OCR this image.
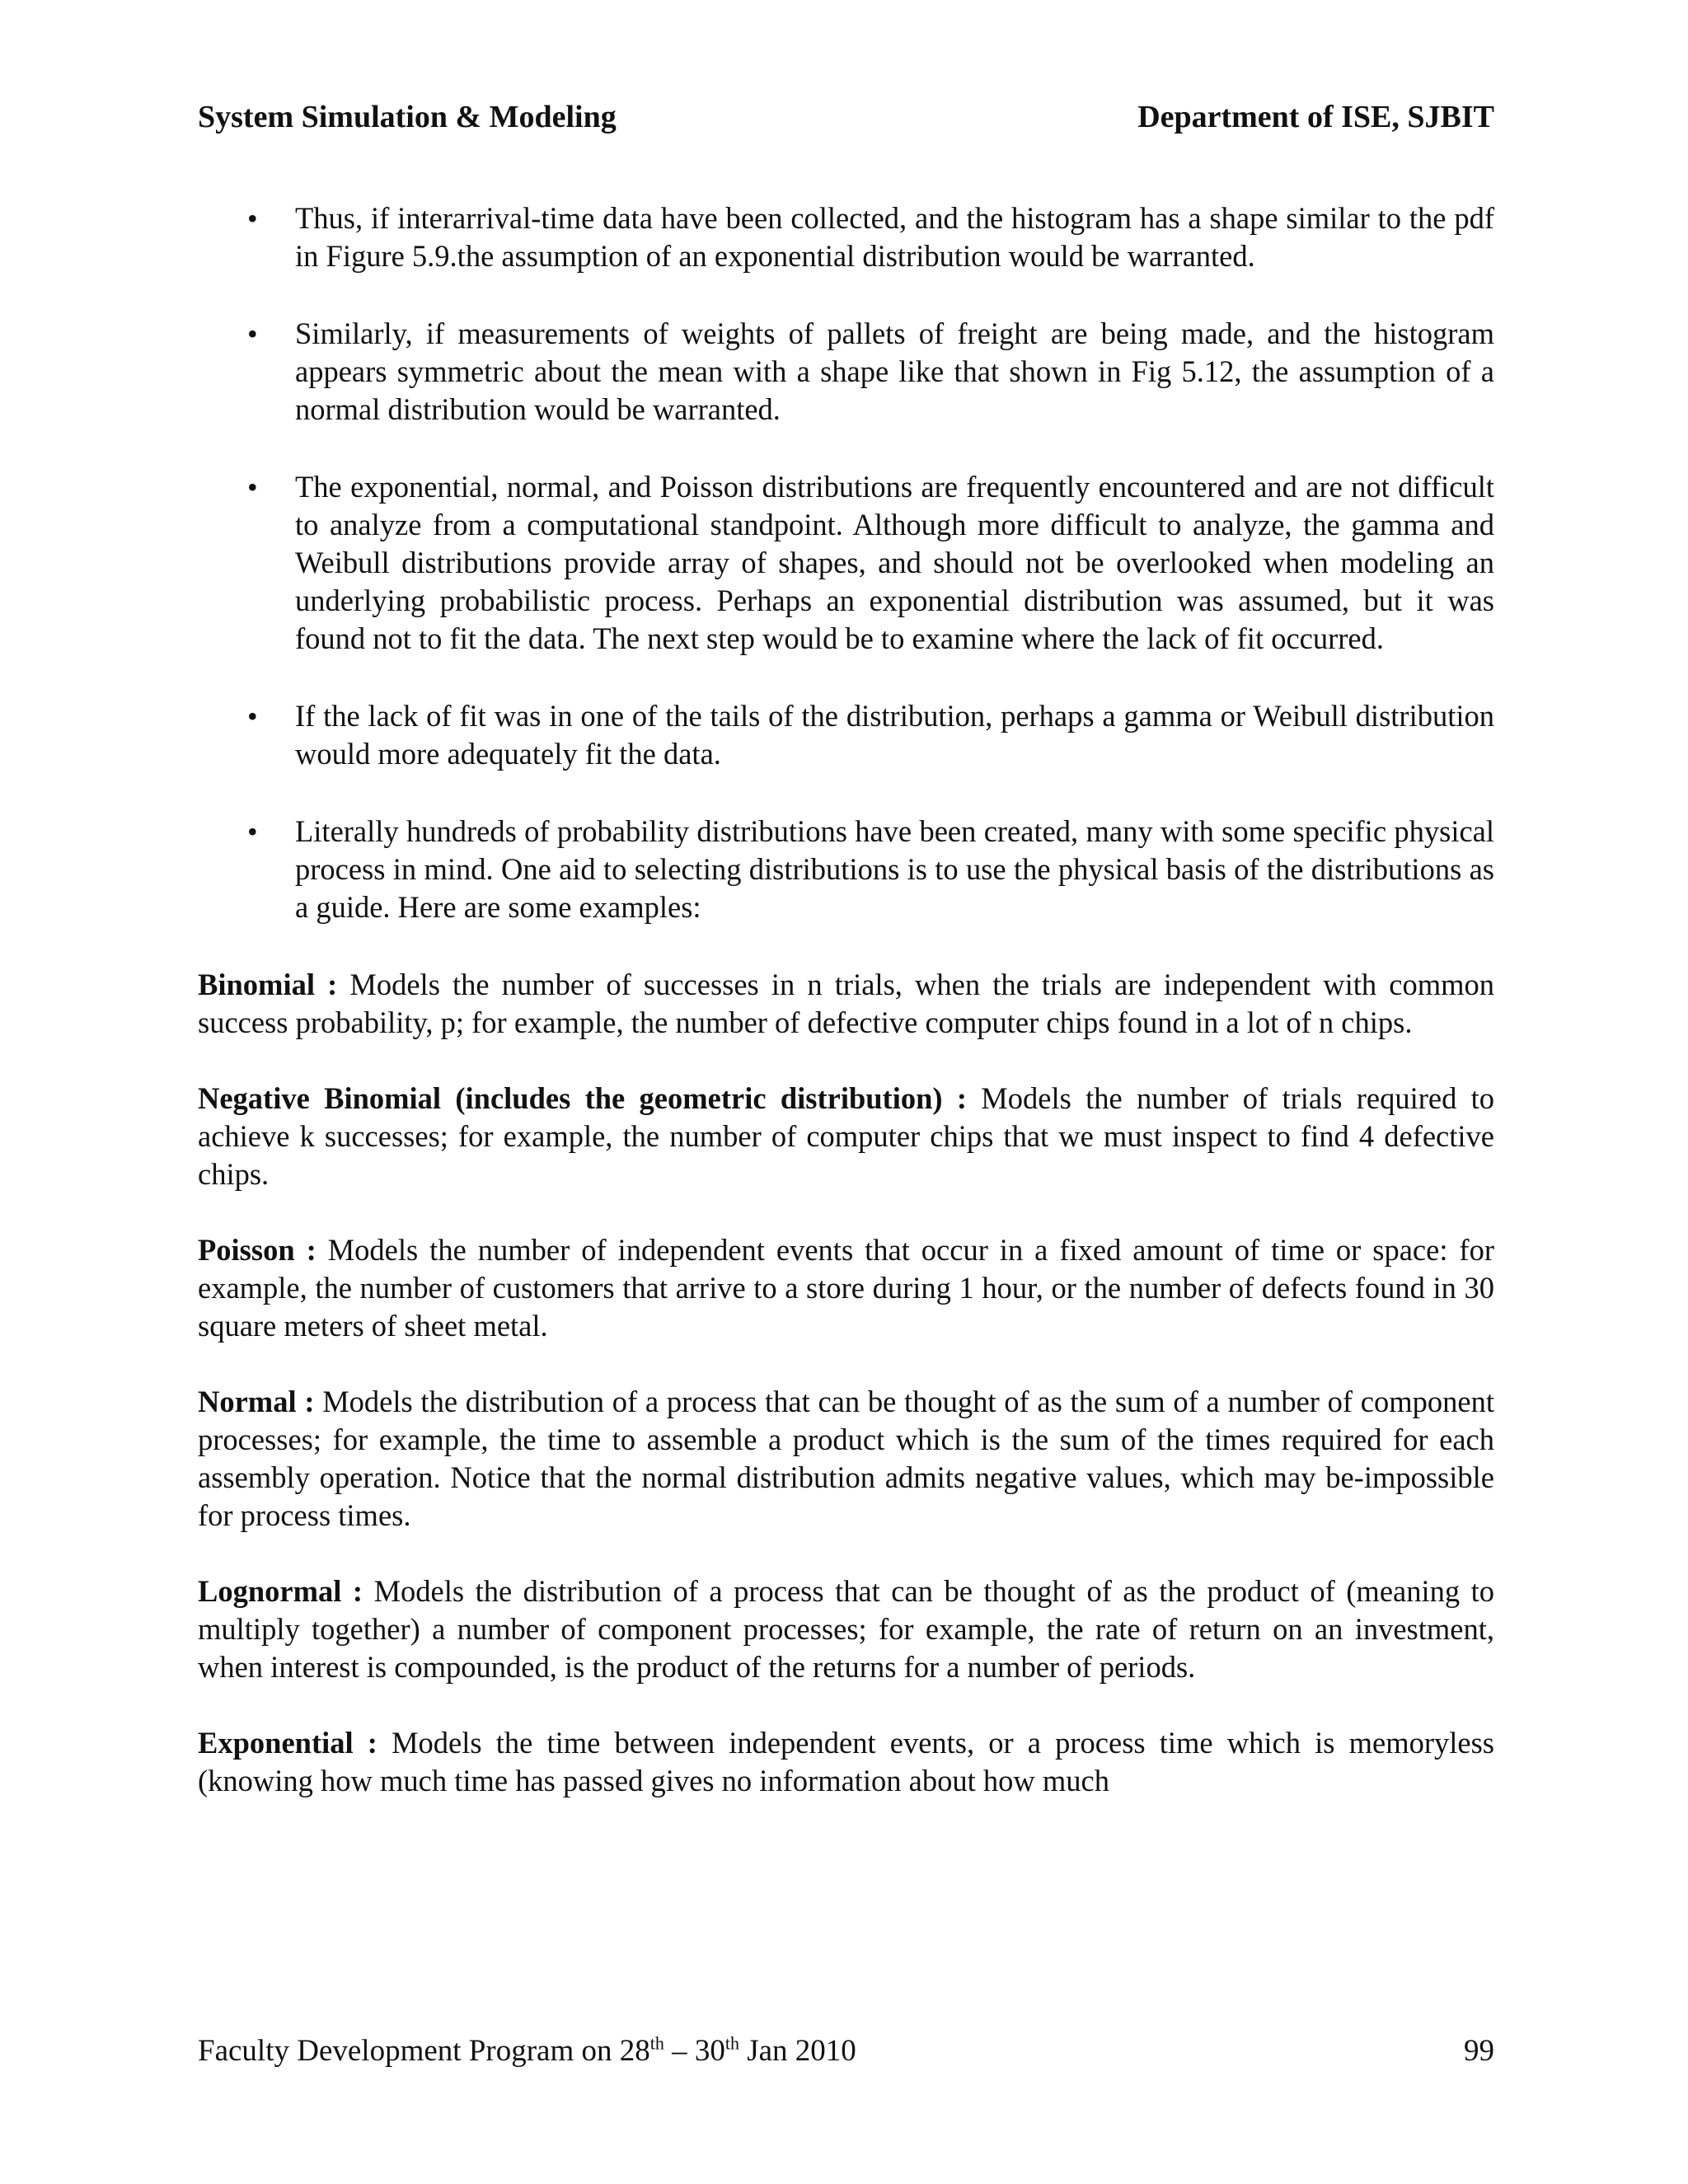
System Simulation & Modeling	Department of ISE, SJBIT
• Thus, if interarrival-time data have been collected, and the histogram has a shape similar to the pdf in Figure 5.9.the assumption of an exponential distribution would be warranted.
• Similarly, if measurements of weights of pallets of freight are being made, and the histogram appears symmetric about the mean with a shape like that shown in Fig 5.12, the assumption of a normal distribution would be warranted.
• The exponential, normal, and Poisson distributions are frequently encountered and are not difficult to analyze from a computational standpoint. Although more difficult to analyze, the gamma and Weibull distributions provide array of shapes, and should not be overlooked when modeling an underlying probabilistic process. Perhaps an exponential distribution was assumed, but it was found not to fit the data. The next step would be to examine where the lack of fit occurred.
• If the lack of fit was in one of the tails of the distribution, perhaps a gamma or Weibull distribution would more adequately fit the data.
• Literally hundreds of probability distributions have been created, many with some specific physical process in mind. One aid to selecting distributions is to use the physical basis of the distributions as a guide. Here are some examples:

Binomial : Models the number of successes in n trials, when the trials are independent with common success probability, p; for example, the number of defective computer chips found in a lot of n chips.

Negative Binomial (includes the geometric distribution) : Models the number of trials required to achieve k successes; for example, the number of computer chips that we must inspect to find 4 defective chips.

Poisson : Models the number of independent events that occur in a fixed amount of time or space: for example, the number of customers that arrive to a store during 1 hour, or the number of defects found in 30 square meters of sheet metal.

Normal : Models the distribution of a process that can be thought of as the sum of a number of component processes; for example, the time to assemble a product which is the sum of the times required for each assembly operation. Notice that the normal distribution admits negative values, which may be-impossible for process times.

Lognormal : Models the distribution of a process that can be thought of as the product of (meaning to multiply together) a number of component processes; for example, the rate of return on an investment, when interest is compounded, is the product of the returns for a number of periods.

Exponential : Models the time between independent events, or a process time which is memoryless (knowing how much time has passed gives no information about how much

Faculty Development Program on 28th – 30th Jan 2010	99
